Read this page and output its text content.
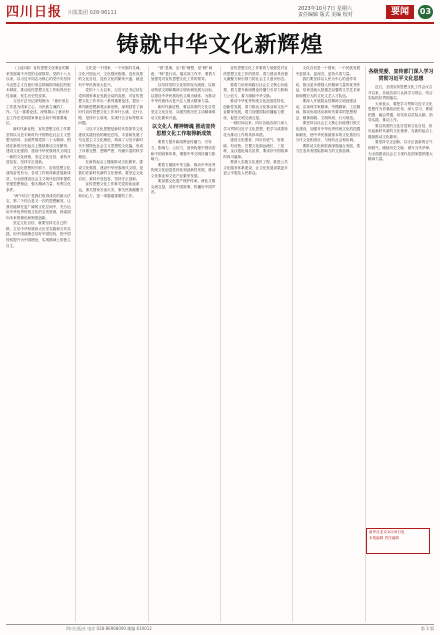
四川日报 川报集团 028-96111
2023年10月7日 星期六
责任编辑 版式 美编 校对	要闻	03
铸就中华文化新辉煌

（上接1版）宣传思想文化事业的繁荣发展离不开党的全面领导。党的十八大以来，以习近平同志为核心的党中央坚持马克思主义在意识形态领域指导地位的根本制度，推动宣传思想文化工作取得历史性成就、发生历史性变革。

习近平总书记深刻指出：“意识形态工作是为国家立心、为民族立魂的工作。”这一重要论述，深刻揭示了意识形态工作在党和国家事业全局中的重要地位。

新时代新征程，宣传思想文化工作要坚持以习近平新时代中国特色社会主义思想为指导，全面贯彻党的二十大精神，围绕在新的历史起点上继续推动文化繁荣、建设文化强国、建设中华民族现代文明这一新的文化使命，坚定文化自信，秉持开放包容，坚持守正创新。

在文化思想的引领下，宣传思想文化战线奋发有为，各项工作取得新进展新成效，为全面建设社会主义现代化国家提供坚强思想保证、强大精神力量、有利文化条件。

“两个结合”是我们取得成功的最大法宝，第二个结合是又一次的思想解放，让我们能够在更广阔的文化空间中，充分运用中华优秀传统文化的宝贵资源，探索面向未来的理论和制度创新。

坚定文化自信，就要坚持走自己的路，立足中华民族伟大历史实践和当代实践，用中国道理总结好中国经验，把中国经验提升为中国理论，实现精神上的独立自主。

文化是一个国家、一个民族的灵魂。文化兴国运兴，文化强民族强。没有高度的文化自信，没有文化的繁荣兴盛，就没有中华民族伟大复兴。

党的十八大以来，习近平总书记站在党和国家事业发展全局的高度，对宣传思想文化工作作出一系列重要论述，提出一系列新思想新观点新论断，深刻回答了新时代宣传思想文化工作举什么旗、走什么路、坚持什么原则、实现什么目标等根本问题。

习近平文化思想是新时代党领导文化建设实践经验的理论总结，丰富和发展了马克思主义文化理论，构成了习近平新时代中国特色社会主义思想的文化篇，形成了体系完整、逻辑严密、内涵丰富的科学理论。

在新的起点上继续推动文化繁荣、建设文化强国、建设中华民族现代文明，是我们在新时代新的文化使命。要坚定文化自信，秉持开放包容，坚持守正创新。

宣传思想文化工作事关党的前途命运，事关国家长治久安，事关民族凝聚力和向心力，是一项极端重要的工作。

“看”是事，也“看”理想，是“精”诚意，“铸”是行动。落实到工作中，要着力加强党对宣传思想文化工作的领导。

以坚持党的文化领导权为统领，以推动物质文明和精神文明协调发展为目标，以建设中华民族现代文明为载体，为推动中华民族伟大复兴注入强大精神力量。

新时代新征程，要以高度的文化自觉坚定文化自信，以强烈的历史主动精神推动文化繁荣兴盛。

以文化人 精神铸魂 推动宣传思想文化工作取得新成效

要着力提升新闻舆论传播力、引导力、影响力、公信力，加快构建中国话语和中国叙事体系，增强中华文明传播力影响力。

要着力赓续中华文脉、推动中华优秀传统文化创造性转化和创新性发展，推动文化事业和文化产业繁荣发展。

要加强文化遗产保护传承，深化文明交流互鉴，讲好中国故事，传播好中国声音。

宣传思想文化工作要着力加强党对宣传思想文化工作的领导，着力建设具有强大凝聚力和引领力的社会主义意识形态。

要着力培育和践行社会主义核心价值观，着力提升新闻舆论传播力引导力影响力公信力，着力赓续中华文脉。

推动中华优秀传统文化创造性转化、创新性发展，着力推动文化事业和文化产业繁荣发展，着力加强国际传播能力建设、促进文明交流互鉴。

一段时间以来，四川各地各部门深入学习贯彻习近平文化思想，把学习成果转化为推动工作的具体举措。

建设文化强省，四川有底气、有基础、有优势。巴蜀文化源远流长，三星堆、金沙遗址闻名世界，要讲好中国故事的四川篇章。

要深入实施文化惠民工程，推进公共文化服务体系建设，让文化发展成果更多更公平惠及人民群众。

文化自信是一个国家、一个民族发展中更基本、更深沉、更持久的力量。

我们要坚持以人民为中心的创作导向，推出更多增强人民精神力量的优秀作品，培育造就大批德艺双馨的文学艺术家和规模宏大的文化文艺人才队伍。

要深入开展群众性精神文明创建活动，弘扬科学家精神、劳模精神、工匠精神，推动形成适应新时代要求的思想观念、精神面貌、文明风尚、行为规范。

要坚持以社会主义核心价值观引领文化建设，加强对中华优秀传统文化的挖掘和阐发，使中华民族最基本的文化基因与当代文化相适应、与现代社会相协调。

要推动文化和旅游深度融合发展，着力打造具有国际影响力的文旅品牌。

各级党委、宣传部门深入学习贯彻习近平文化思想

近日，全国宣传思想文化工作会议召开以来，各地各部门认真学习领会，结合实际抓好贯彻落实。

大家表示，要把学习贯彻习近平文化思想作为首要政治任务，深入学习、系统把握、融会贯通，切实用以武装头脑、指导实践、推动工作。

要以高度的文化自觉和文化自信，担负起新时代新的文化使命，在新的起点上继续推动文化繁荣。

要坚持守正创新，以守正创新的正气和锐气，赓续历史文脉、谱写当代华章，为全面建设社会主义现代化国家提供强大精神力量。

新华社北京10月8日电
本报编辑 责任编辑
四川日报社 电话 028-86968000 邮编 610012	第 3 版
